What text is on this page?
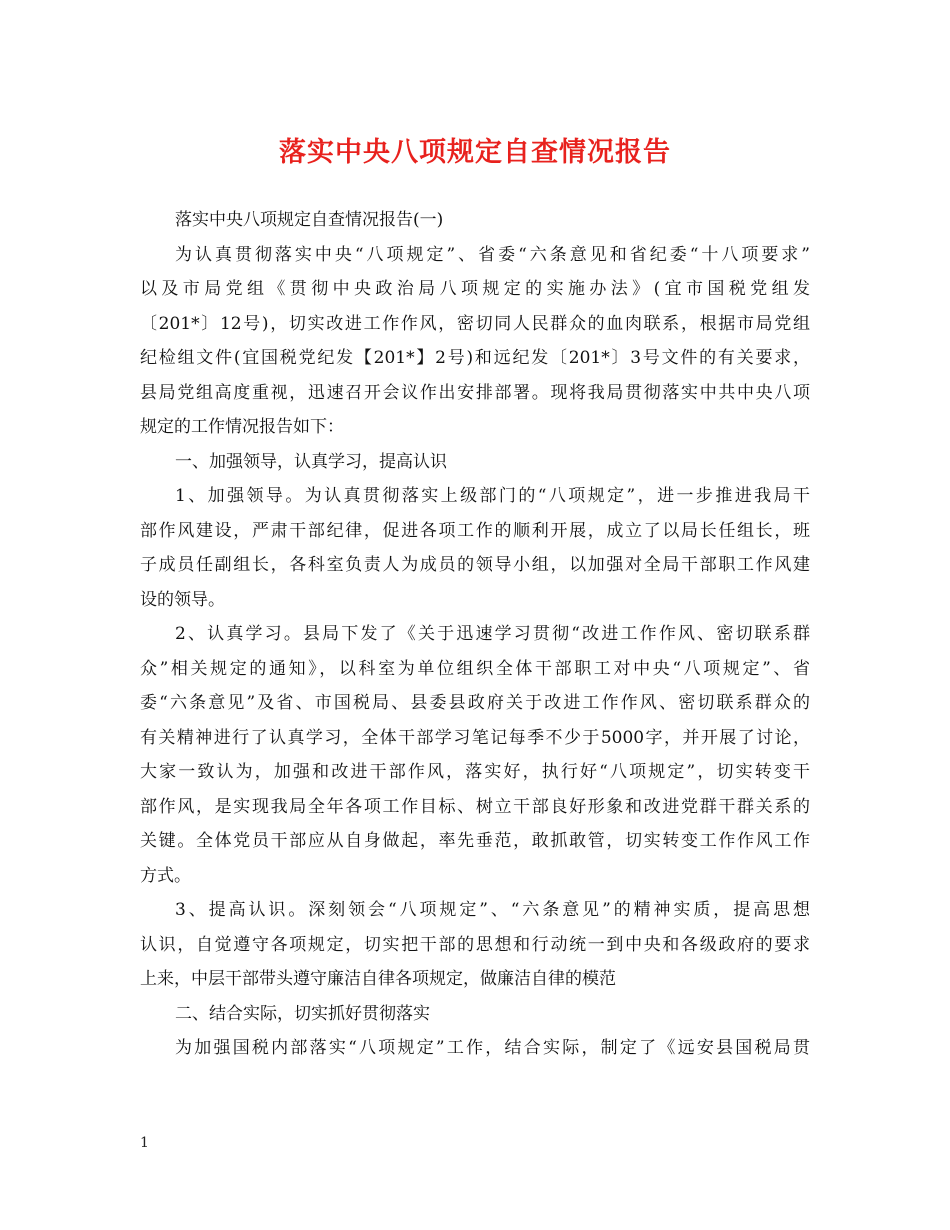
落实中央八项规定自查情况报告
落实中央八项规定自查情况报告(一)
为认真贯彻落实中央“八项规定”、省委“六条意见和省纪委“十八项要求”
以及市局党组《贯彻中央政治局八项规定的实施办法》(宜市国税党组发
〔201*〕12号)，切实改进工作作风，密切同人民群众的血肉联系，根据市局党组
纪检组文件(宜国税党纪发【201*】2号)和远纪发〔201*〕3号文件的有关要求，
县局党组高度重视，迅速召开会议作出安排部署。现将我局贯彻落实中共中央八项
规定的工作情况报告如下：
一、加强领导，认真学习，提高认识
1、加强领导。为认真贯彻落实上级部门的“八项规定”，进一步推进我局干
部作风建设，严肃干部纪律，促进各项工作的顺利开展，成立了以局长任组长，班
子成员任副组长，各科室负责人为成员的领导小组，以加强对全局干部职工作风建
设的领导。
2、认真学习。县局下发了《关于迅速学习贯彻“改进工作作风、密切联系群
众”相关规定的通知》，以科室为单位组织全体干部职工对中央“八项规定”、省
委“六条意见”及省、市国税局、县委县政府关于改进工作作风、密切联系群众的
有关精神进行了认真学习，全体干部学习笔记每季不少于5000字，并开展了讨论，
大家一致认为，加强和改进干部作风，落实好，执行好“八项规定”，切实转变干
部作风，是实现我局全年各项工作目标、树立干部良好形象和改进党群干群关系的
关键。全体党员干部应从自身做起，率先垂范，敢抓敢管，切实转变工作作风工作
方式。
3、提高认识。深刻领会“八项规定”、“六条意见”的精神实质，提高思想
认识，自觉遵守各项规定，切实把干部的思想和行动统一到中央和各级政府的要求
上来，中层干部带头遵守廉洁自律各项规定，做廉洁自律的模范
二、结合实际，切实抓好贯彻落实
为加强国税内部落实“八项规定”工作，结合实际，制定了《远安县国税局贯
1
